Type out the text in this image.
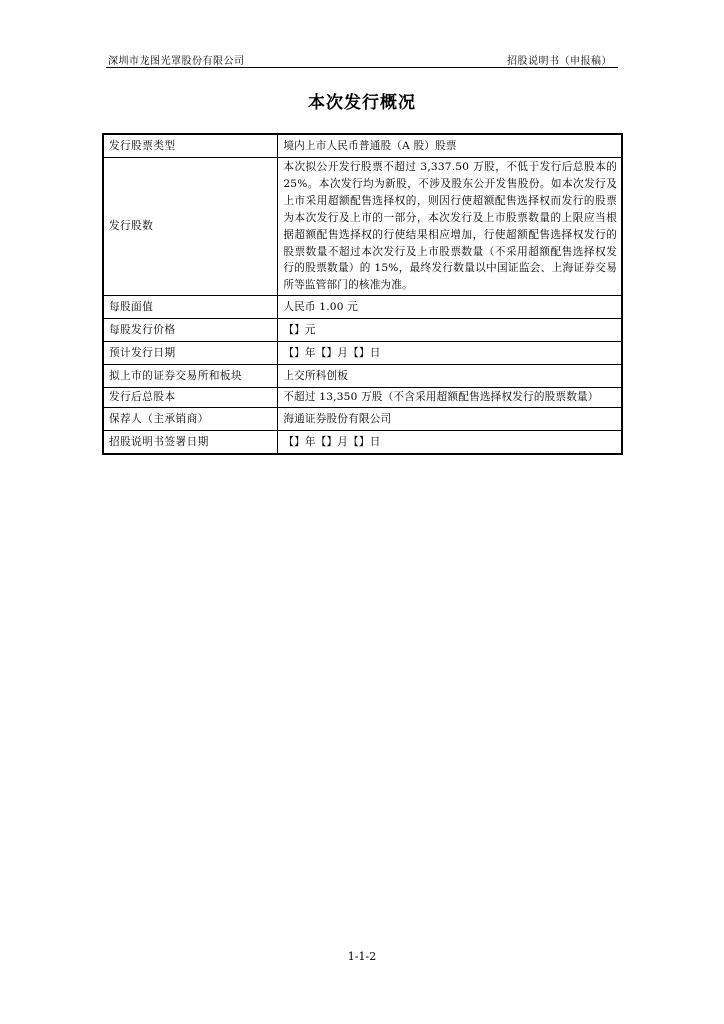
深圳市龙图光罩股份有限公司	招股说明书（申报稿）
本次发行概况
发行股票类型	境内上市人民币普通股（A 股）股票
发行股数	本次拟公开发行股票不超过 3,337.50 万股，不低于发行后总股本的 25%。本次发行均为新股，不涉及股东公开发售股份。如本次发行及上市采用超额配售选择权的，则因行使超额配售选择权而发行的股票为本次发行及上市的一部分，本次发行及上市股票数量的上限应当根据超额配售选择权的行使结果相应增加，行使超额配售选择权发行的股票数量不超过本次发行及上市股票数量（不采用超额配售选择权发行的股票数量）的 15%，最终发行数量以中国证监会、上海证券交易所等监管部门的核准为准。
每股面值	人民币 1.00 元
每股发行价格	【】元
预计发行日期	【】年【】月【】日
拟上市的证券交易所和板块	上交所科创板
发行后总股本	不超过 13,350 万股（不含采用超额配售选择权发行的股票数量）
保荐人（主承销商）	海通证券股份有限公司
招股说明书签署日期	【】年【】月【】日
1-1-2
